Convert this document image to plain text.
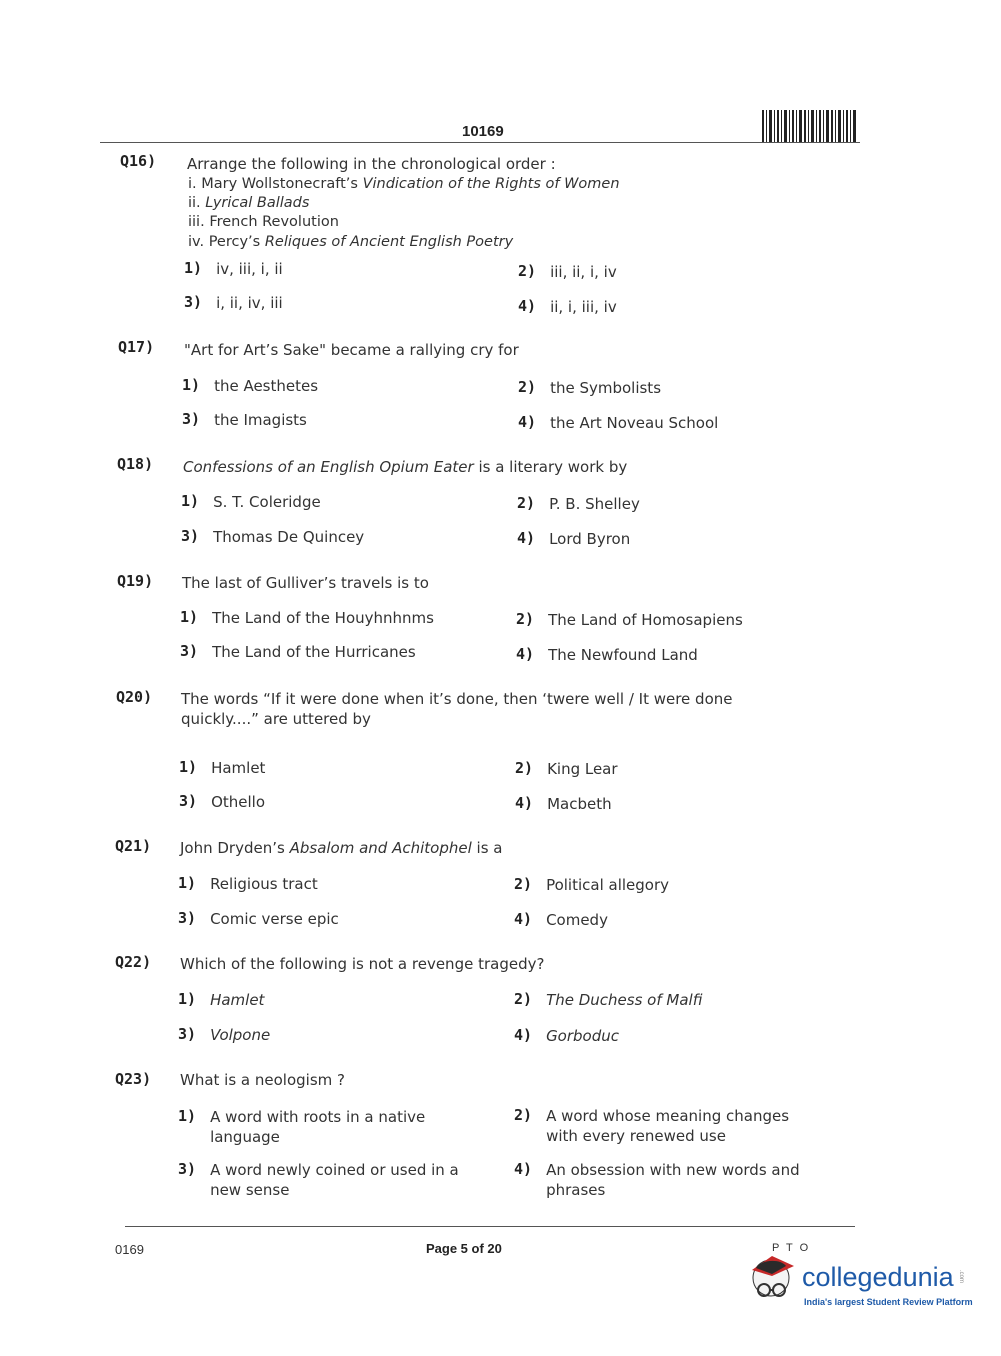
10169
Q16) Arrange the following in the chronological order :
i. Mary Wollstonecraft’s Vindication of the Rights of Women
ii. Lyrical Ballads
iii. French Revolution
iv. Percy’s Reliques of Ancient English Poetry
1) iv, iii, i, ii	2) iii, ii, i, iv
3) i, ii, iv, iii	4) ii, i, iii, iv
Q17) "Art for Art’s Sake" became a rallying cry for
1) the Aesthetes	2) the Symbolists
3) the Imagists	4) the Art Noveau School
Q18) Confessions of an English Opium Eater is a literary work by
1) S. T. Coleridge	2) P. B. Shelley
3) Thomas De Quincey	4) Lord Byron
Q19) The last of Gulliver’s travels is to
1) The Land of the Houyhnhnms	2) The Land of Homosapiens
3) The Land of the Hurricanes	4) The Newfound Land
Q20) The words “If it were done when it’s done, then ‘twere well / It were done
quickly....” are uttered by
1) Hamlet	2) King Lear
3) Othello	4) Macbeth
Q21) John Dryden’s Absalom and Achitophel is a
1) Religious tract	2) Political allegory
3) Comic verse epic	4) Comedy
Q22) Which of the following is not a revenge tragedy?
1) Hamlet	2) The Duchess of Malfi
3) Volpone	4) Gorboduc
Q23) What is a neologism ?
1) A word with roots in a native
language
2) A word whose meaning changes
with every renewed use
3) A word newly coined or used in a
new sense
4) An obsession with new words and
phrases
0169	Page 5 of 20	P T O
collegedunia .com
India's largest Student Review Platform
